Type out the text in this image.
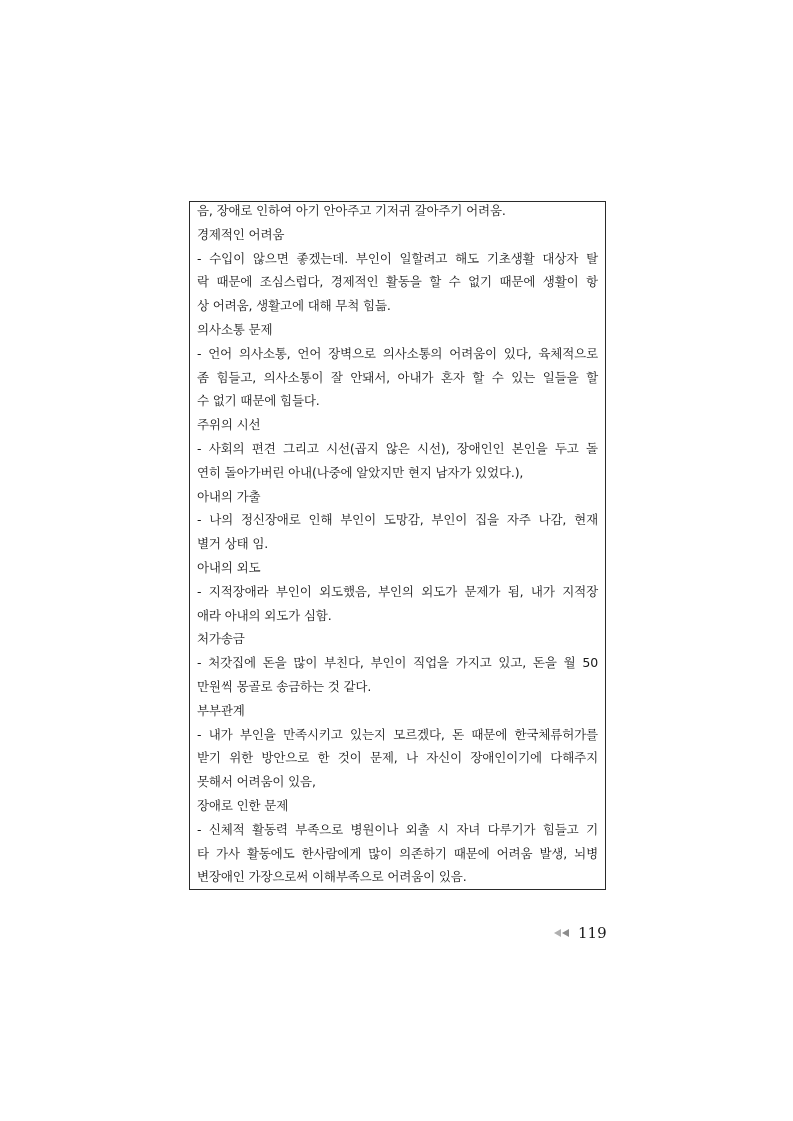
음, 장애로 인하여 아기 안아주고 기저귀 갈아주기 어려움.
경제적인 어려움
- 수입이 않으면 좋겠는데. 부인이 일할려고 해도 기초생활 대상자 탈
락 때문에 조심스럽다, 경제적인 활동을 할 수 없기 때문에 생활이 항
상 어려움, 생활고에 대해 무척 힘듦.
의사소통 문제
- 언어 의사소통, 언어 장벽으로 의사소통의 어려움이 있다, 육체적으로
좀 힘들고, 의사소통이 잘 안돼서, 아내가 혼자 할 수 있는 일들을 할
수 없기 때문에 힘들다.
주위의 시선
- 사회의 편견 그리고 시선(곱지 않은 시선), 장애인인 본인을 두고 돌
연히 돌아가버린 아내(나중에 알았지만 현지 남자가 있었다.),
아내의 가출
- 나의 정신장애로 인해 부인이 도망감, 부인이 집을 자주 나감, 현재
별거 상태 임.
아내의 외도
- 지적장애라 부인이 외도했음, 부인의 외도가 문제가 됨, 내가 지적장
애라 아내의 외도가 심함.
처가송금
- 처갓집에 돈을 많이 부친다, 부인이 직업을 가지고 있고, 돈을 월 50
만원씩 몽골로 송금하는 것 같다.
부부관계
- 내가 부인을 만족시키고 있는지 모르겠다, 돈 때문에 한국체류허가를
받기 위한 방안으로 한 것이 문제, 나 자신이 장애인이기에 다해주지
못해서 어려움이 있음,
장애로 인한 문제
- 신체적 활동력 부족으로 병원이나 외출 시 자녀 다루기가 힘들고 기
타 가사 활동에도 한사람에게 많이 의존하기 때문에 어려움 발생, 뇌병
변장애인 가장으로써 이해부족으로 어려움이 있음.
119
